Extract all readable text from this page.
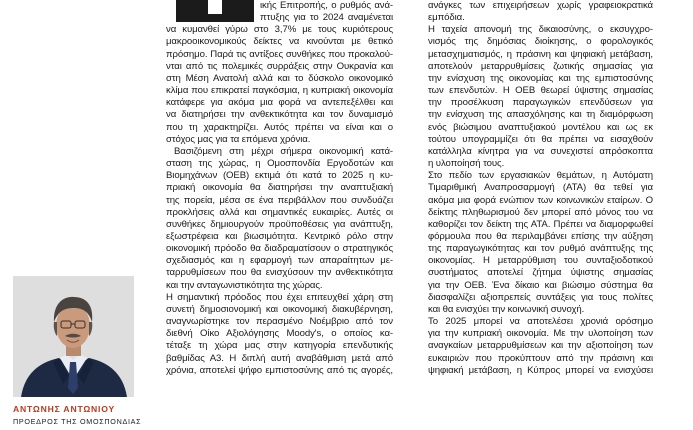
ικής Επιτροπής, ο ρυθμός ανά-
πτυξης για το 2024 αναμένεται
να κυμανθεί γύρω στο 3,7% με τους κυριότερους
μακροοικονομικούς δείκτες να κινούνται με θετικό
πρόσημο. Παρά τις αντίξοες συνθήκες που προκαλού-
νται από τις πολεμικές συρράξεις στην Ουκρανία και
στη Μέση Ανατολή αλλά και το δύσκολο οικονομικό
κλίμα που επικρατεί παγκόσμια, η κυπριακή οικονομία
κατάφερε για ακόμα μια φορά να αντεπεξέλθει και
να διατηρήσει την ανθεκτικότητα και τον δυναμισμό
που τη χαρακτηρίζει. Αυτός πρέπει να είναι και ο
στόχος μας για τα επόμενα χρόνια.
Βασιζόμενη στη μέχρι σήμερα οικονομική κατά-
σταση της χώρας, η Ομοσπονδία Εργοδοτών και
Βιομηχάνων (ΟΕΒ) εκτιμά ότι κατά το 2025 η κυ-
πριακή οικονομία θα διατηρήσει την αναπτυξιακή
της πορεία, μέσα σε ένα περιβάλλον που συνδυάζει
προκλήσεις αλλά και σημαντικές ευκαιρίες. Αυτές οι
συνθήκες δημιουργούν προϋποθέσεις για ανάπτυξη,
εξωστρέφεια και βιωσιμότητα. Κεντρικό ρόλο στην
οικονομική πρόοδο θα διαδραματίσουν ο στρατηγικός
σχεδιασμός και η εφαρμογή των απαραίτητων με-
ταρρυθμίσεων που θα ενισχύσουν την ανθεκτικότητα
και την ανταγωνιστικότητα της χώρας.
Η σημαντική πρόοδος που έχει επιτευχθεί χάρη στη
συνετή δημοσιονομική και οικονομική διακυβέρνηση,
αναγνωρίστηκε τον περασμένο Νοέμβριο από τον
διεθνή Οίκο Αξιολόγησης Moody's, ο οποίος κα-
τέταξε τη χώρα μας στην κατηγορία επενδυτικής
βαθμίδας Α3. Η διπλή αυτή αναβάθμιση μετά από
χρόνια, αποτελεί ψήφο εμπιστοσύνης από τις αγορές,
ανάγκες των επιχειρήσεων χωρίς γραφειοκρατικά
εμπόδια.
Η ταχεία απονομή της δικαιοσύνης, ο εκσυγχρο-
νισμός της δημόσιας διοίκησης, ο φορολογικός
μετασχηματισμός, η πράσινη και ψηφιακή μετάβαση,
αποτελούν μεταρρυθμίσεις ζωτικής σημασίας για
την ενίσχυση της οικονομίας και της εμπιστοσύνης
των επενδυτών. Η ΟΕΒ θεωρεί ύψιστης σημασίας
την προσέλκυση παραγωγικών επενδύσεων για
την ενίσχυση της απασχόλησης και τη διαμόρφωση
ενός βιώσιμου αναπτυξιακού μοντέλου και ως εκ
τούτου υπογραμμίζει ότι θα πρέπει να εισαχθούν
κατάλληλα κίνητρα για να συνεχιστεί απρόσκοπτα
η υλοποίησή τους.
Στο πεδίο των εργασιακών θεμάτων, η Αυτόματη
Τιμαριθμική Αναπροσαρμογή (ΑΤΑ) θα τεθεί για
ακόμα μια φορά ενώπιον των κοινωνικών εταίρων. Ο
δείκτης πληθωρισμού δεν μπορεί από μόνος του να
καθορίζει τον δείκτη της ΑΤΑ. Πρέπει να διαμορφωθεί
φόρμουλα που θα περιλαμβάνει επίσης την αύξηση
της παραγωγικότητας και τον ρυθμό ανάπτυξης της
οικονομίας. Η μεταρρύθμιση του συνταξιοδοτικού
συστήματος αποτελεί ζήτημα ύψιστης σημασίας
για την ΟΕΒ. Ένα δίκαιο και βιώσιμο σύστημα θα
διασφαλίζει αξιοπρεπείς συντάξεις για τους πολίτες
και θα ενισχύει την κοινωνική συνοχή.
Το 2025 μπορεί να αποτελέσει χρονιά ορόσημο
για την κυπριακή οικονομία. Με την υλοποίηση των
αναγκαίων μεταρρυθμίσεων και την αξιοποίηση των
ευκαιριών που προκύπτουν από την πράσινη και
ψηφιακή μετάβαση, η Κύπρος μπορεί να ενισχύσει
ΑΝΤΩΝΗΣ ΑΝΤΩΝΙΟΥ
ΠΡΟΕΔΡΟΣ ΤΗΣ ΟΜΟΣΠΟΝΔΙΑΣ
